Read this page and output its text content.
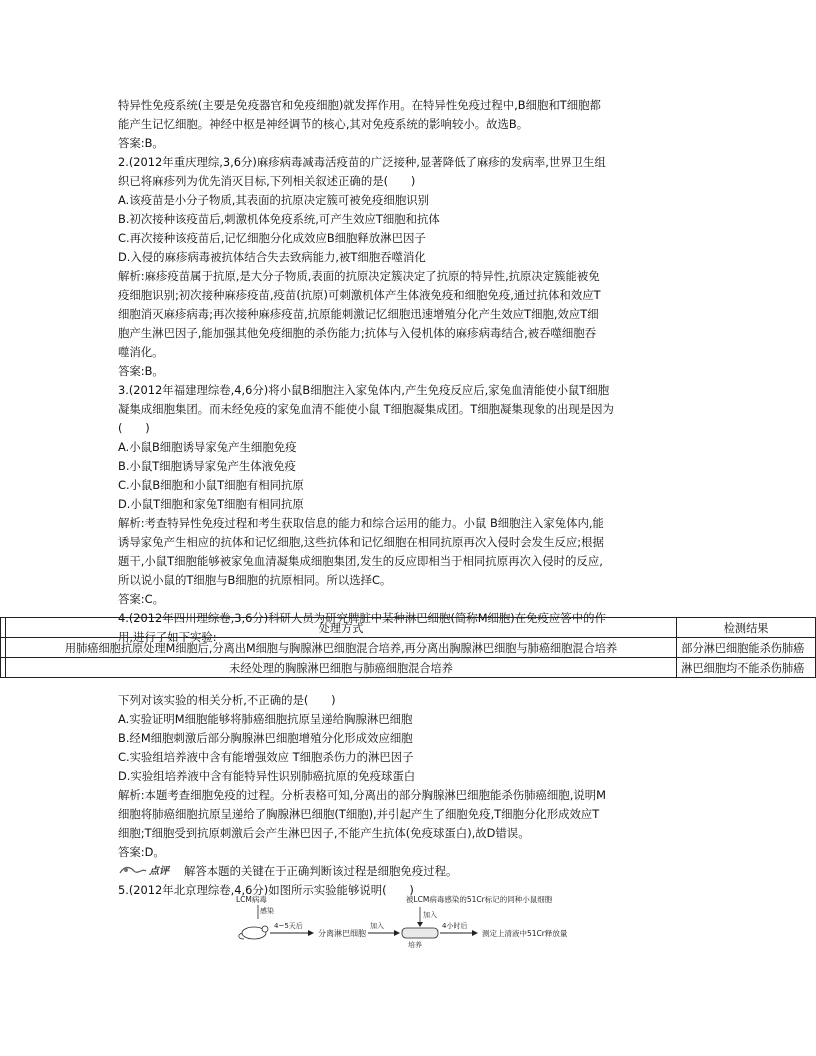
特异性免疫系统(主要是免疫器官和免疫细胞)就发挥作用。在特异性免疫过程中,B细胞和T细胞都
能产生记忆细胞。神经中枢是神经调节的核心,其对免疫系统的影响较小。故选B。
答案:B。
2.(2012年重庆理综,3,6分)麻疹病毒减毒活疫苗的广泛接种,显著降低了麻疹的发病率,世界卫生组
织已将麻疹列为优先消灭目标,下列相关叙述正确的是(　　)
A.该疫苗是小分子物质,其表面的抗原决定簇可被免疫细胞识别
B.初次接种该疫苗后,刺激机体免疫系统,可产生效应T细胞和抗体
C.再次接种该疫苗后,记忆细胞分化成效应B细胞释放淋巴因子
D.入侵的麻疹病毒被抗体结合失去致病能力,被T细胞吞噬消化
解析:麻疹疫苗属于抗原,是大分子物质,表面的抗原决定簇决定了抗原的特异性,抗原决定簇能被免
疫细胞识别;初次接种麻疹疫苗,疫苗(抗原)可刺激机体产生体液免疫和细胞免疫,通过抗体和效应T
细胞消灭麻疹病毒;再次接种麻疹疫苗,抗原能刺激记忆细胞迅速增殖分化产生效应T细胞,效应T细
胞产生淋巴因子,能加强其他免疫细胞的杀伤能力;抗体与入侵机体的麻疹病毒结合,被吞噬细胞吞
噬消化。
答案:B。
3.(2012年福建理综卷,4,6分)将小鼠B细胞注入家兔体内,产生免疫反应后,家兔血清能使小鼠T细胞
凝集成细胞集团。而未经免疫的家兔血清不能使小鼠 T细胞凝集成团。T细胞凝集现象的出现是因为
(　　)
A.小鼠B细胞诱导家兔产生细胞免疫
B.小鼠T细胞诱导家兔产生体液免疫
C.小鼠B细胞和小鼠T细胞有相同抗原
D.小鼠T细胞和家兔T细胞有相同抗原
解析:考查特异性免疫过程和考生获取信息的能力和综合运用的能力。小鼠 B细胞注入家兔体内,能
诱导家兔产生相应的抗体和记忆细胞,这些抗体和记忆细胞在相同抗原再次入侵时会发生反应;根据
题干,小鼠T细胞能够被家兔血清凝集成细胞集团,发生的反应即相当于相同抗原再次入侵时的反应,
所以说小鼠的T细胞与B细胞的抗原相同。所以选择C。
答案:C。
4.(2012年四川理综卷,3,6分)科研人员为研究脾脏中某种淋巴细胞(简称M细胞)在免疫应答中的作
用,进行了如下实验:
	处理方式	检测结果
	用肺癌细胞抗原处理M细胞后,分离出M细胞与胸腺淋巴细胞混合培养,再分离出胸腺淋巴细胞与肺癌细胞混合培养	部分淋巴细胞能杀伤肺癌
	未经处理的胸腺淋巴细胞与肺癌细胞混合培养	淋巴细胞均不能杀伤肺癌
下列对该实验的相关分析,不正确的是(　　)
A.实验证明M细胞能够将肺癌细胞抗原呈递给胸腺淋巴细胞
B.经M细胞刺激后部分胸腺淋巴细胞增殖分化形成效应细胞
C.实验组培养液中含有能增强效应 T细胞杀伤力的淋巴因子
D.实验组培养液中含有能特异性识别肺癌抗原的免疫球蛋白
解析:本题考查细胞免疫的过程。分析表格可知,分离出的部分胸腺淋巴细胞能杀伤肺癌细胞,说明M
细胞将肺癌细胞抗原呈递给了胸腺淋巴细胞(T细胞),并引起产生了细胞免疫,T细胞分化形成效应T
细胞;T细胞受到抗原刺激后会产生淋巴因子,不能产生抗体(免疫球蛋白),故D错误。
答案:D。
点评 解答本题的关键在于正确判断该过程是细胞免疫过程。
5.(2012年北京理综卷,4,6分)如图所示实验能够说明(　　)
LCM病毒
感染
4~5天后
分离淋巴细胞
加入
培养
被LCM病毒感染的51Cr标记的同种小鼠细胞
加入
4小时后
测定上清液中51Cr释放量
